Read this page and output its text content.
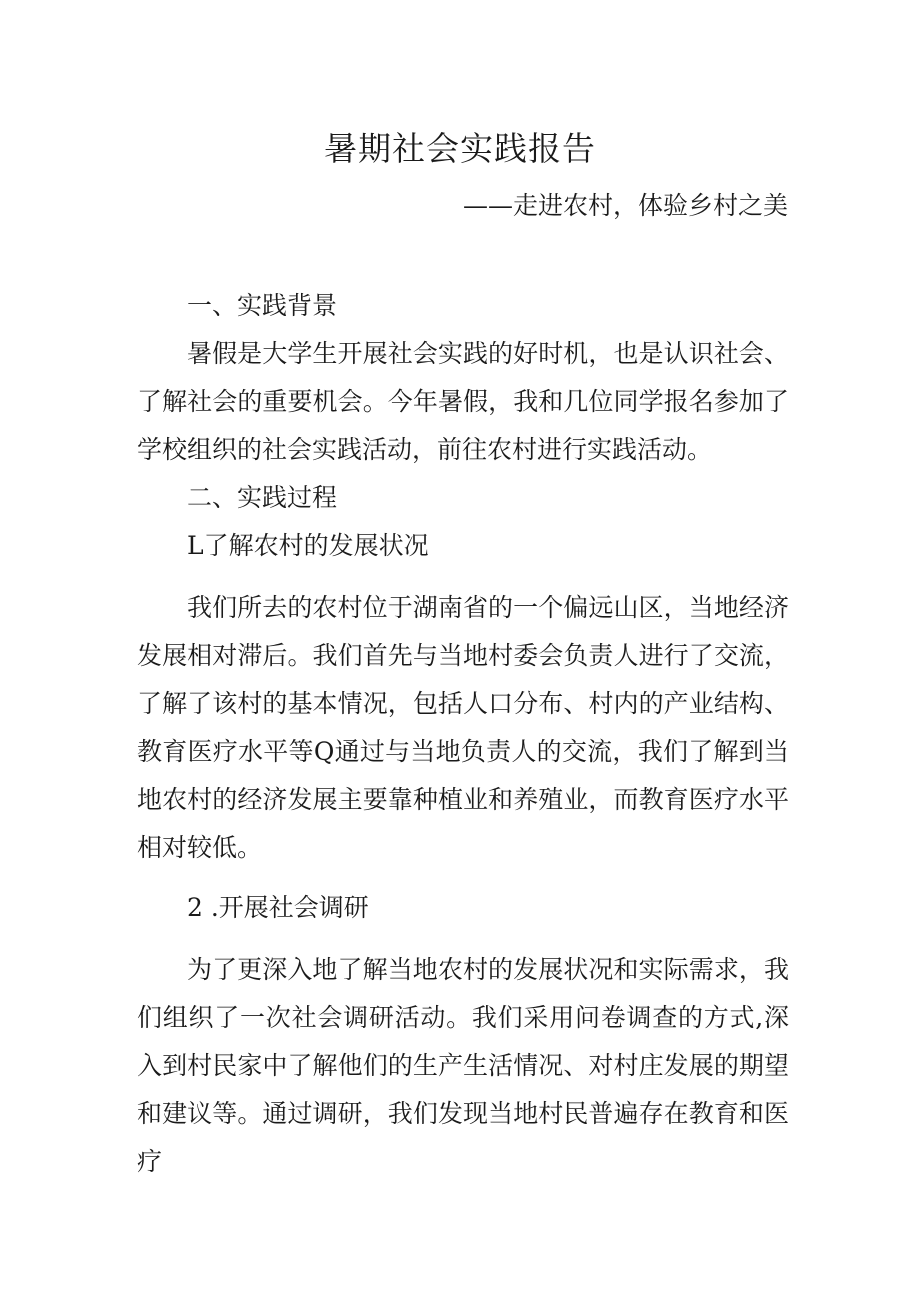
暑期社会实践报告

——走进农村，体验乡村之美

一、实践背景

暑假是大学生开展社会实践的好时机，也是认识社会、了解社会的重要机会。今年暑假，我和几位同学报名参加了学校组织的社会实践活动，前往农村进行实践活动。

二、实践过程

L了解农村的发展状况

我们所去的农村位于湖南省的一个偏远山区，当地经济发展相对滞后。我们首先与当地村委会负责人进行了交流，了解了该村的基本情况，包括人口分布、村内的产业结构、教育医疗水平等Q通过与当地负责人的交流，我们了解到当地农村的经济发展主要靠种植业和养殖业，而教育医疗水平相对较低。

2 .开展社会调研

为了更深入地了解当地农村的发展状况和实际需求，我们组织了一次社会调研活动。我们采用问卷调查的方式,深入到村民家中了解他们的生产生活情况、对村庄发展的期望和建议等。通过调研，我们发现当地村民普遍存在教育和医疗
